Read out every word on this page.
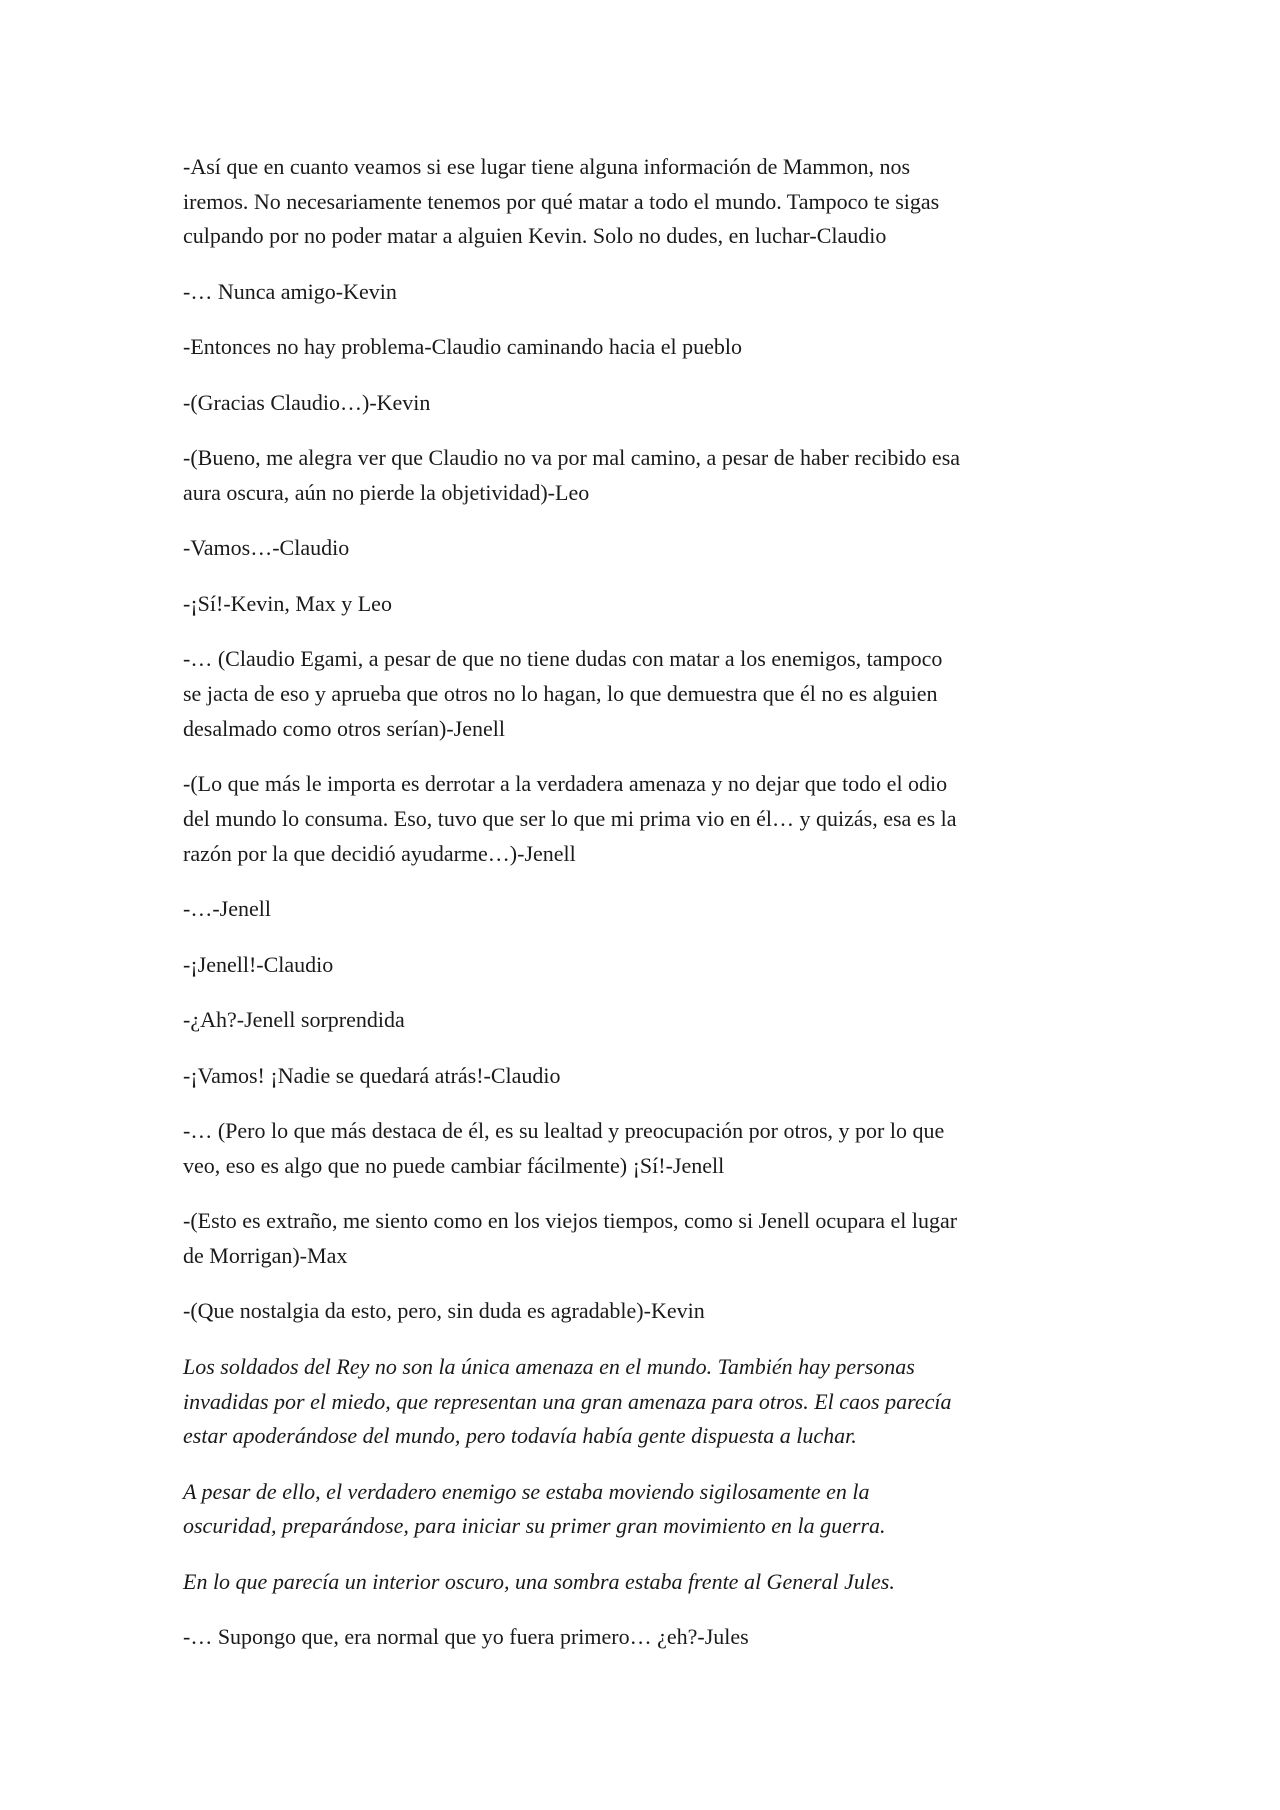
-Así que en cuanto veamos si ese lugar tiene alguna información de Mammon, nos
iremos. No necesariamente tenemos por qué matar a todo el mundo. Tampoco te sigas
culpando por no poder matar a alguien Kevin. Solo no dudes, en luchar-Claudio
-… Nunca amigo-Kevin
-Entonces no hay problema-Claudio caminando hacia el pueblo
-(Gracias Claudio…)-Kevin
-(Bueno, me alegra ver que Claudio no va por mal camino, a pesar de haber recibido esa
aura oscura, aún no pierde la objetividad)-Leo
-Vamos…-Claudio
-¡Sí!-Kevin, Max y Leo
-… (Claudio Egami, a pesar de que no tiene dudas con matar a los enemigos, tampoco
se jacta de eso y aprueba que otros no lo hagan, lo que demuestra que él no es alguien
desalmado como otros serían)-Jenell
-(Lo que más le importa es derrotar a la verdadera amenaza y no dejar que todo el odio
del mundo lo consuma. Eso, tuvo que ser lo que mi prima vio en él… y quizás, esa es la
razón por la que decidió ayudarme…)-Jenell
-…-Jenell
-¡Jenell!-Claudio
-¿Ah?-Jenell sorprendida
-¡Vamos! ¡Nadie se quedará atrás!-Claudio
-… (Pero lo que más destaca de él, es su lealtad y preocupación por otros, y por lo que
veo, eso es algo que no puede cambiar fácilmente) ¡Sí!-Jenell
-(Esto es extraño, me siento como en los viejos tiempos, como si Jenell ocupara el lugar
de Morrigan)-Max
-(Que nostalgia da esto, pero, sin duda es agradable)-Kevin
Los soldados del Rey no son la única amenaza en el mundo. También hay personas
invadidas por el miedo, que representan una gran amenaza para otros. El caos parecía
estar apoderándose del mundo, pero todavía había gente dispuesta a luchar.
A pesar de ello, el verdadero enemigo se estaba moviendo sigilosamente en la
oscuridad, preparándose, para iniciar su primer gran movimiento en la guerra.
En lo que parecía un interior oscuro, una sombra estaba frente al General Jules.
-… Supongo que, era normal que yo fuera primero… ¿eh?-Jules
